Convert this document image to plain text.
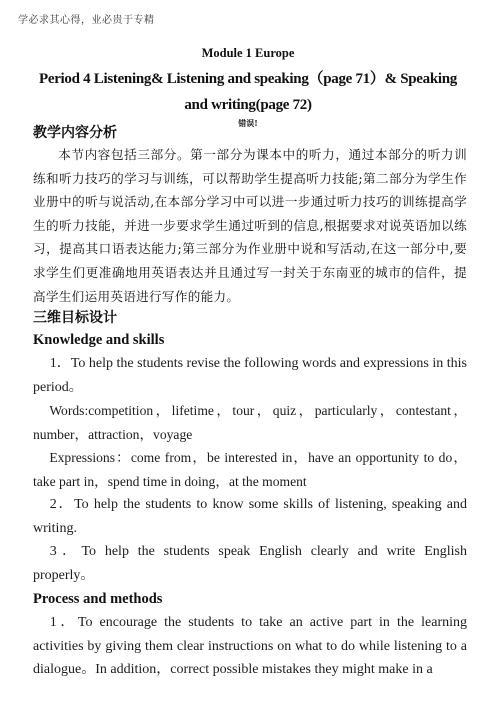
学必求其心得，业必贵于专精
Module 1 Europe
Period 4 Listening& Listening and speaking（page 71）& Speaking and writing(page 72)
错误!

教学内容分析

本节内容包括三部分。第一部分为课本中的听力，通过本部分的听力训练和听力技巧的学习与训练，可以帮助学生提高听力技能;第二部分为学生作业册中的听与说活动,在本部分学习中可以进一步通过听力技巧的训练提高学生的听力技能，并进一步要求学生通过听到的信息,根据要求对说英语加以练习，提高其口语表达能力;第三部分为作业册中说和写活动,在这一部分中,要求学生们更准确地用英语表达并且通过写一封关于东南亚的城市的信件，提高学生们运用英语进行写作的能力。

三维目标设计

Knowledge and skills

1．To help the students revise the following words and expressions in this period。

Words:competition，lifetime，tour，quiz，particularly，contestant，number，attraction，voyage

Expressions：come from，be interested in，have an opportunity to do，take part in，spend time in doing，at the moment

2．To help the students to know some skills of listening, speaking and writing.

3．To help the students speak English clearly and write English properly。

Process and methods

1．To encourage the students to take an active part in the learning activities by giving them clear instructions on what to do while listening to a dialogue。In addition，correct possible mistakes they might make in a
